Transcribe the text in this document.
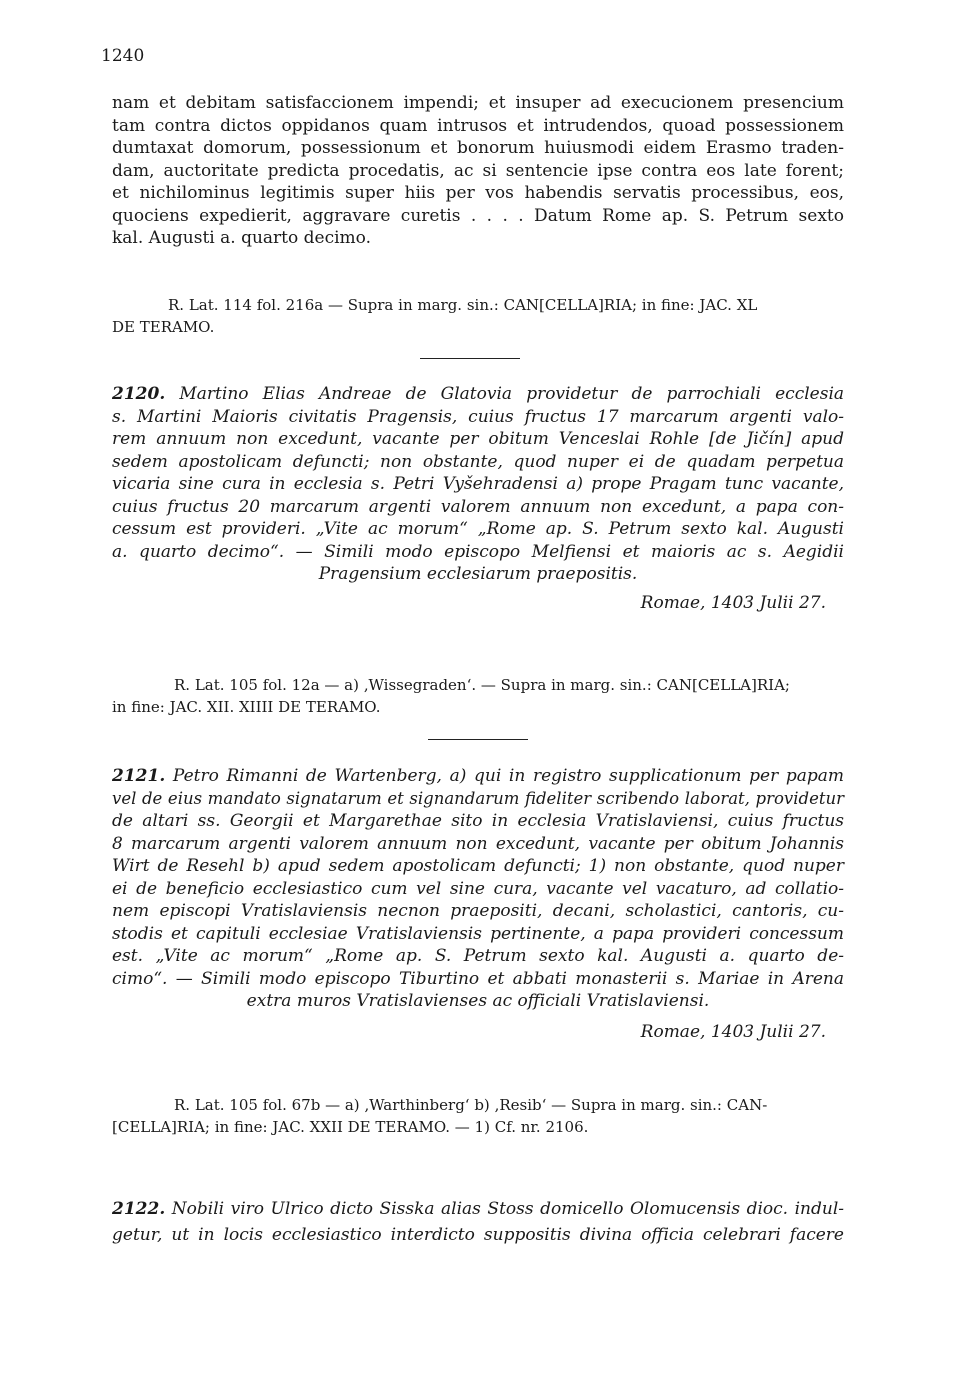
1240
nam et debitam satisfaccionem impendi; et insuper ad execucionem presencium
tam contra dictos oppidanos quam intrusos et intrudendos, quoad possessionem
dumtaxat domorum, possessionum et bonorum huiusmodi eidem Erasmo traden-
dam, auctoritate predicta procedatis, ac si sentencie ipse contra eos late forent;
et nichilominus legitimis super hiis per vos habendis servatis processibus, eos,
quociens expedierit, aggravare curetis . . . . Datum Rome ap. S. Petrum sexto
kal. Augusti a. quarto decimo.
R. Lat. 114 fol. 216a — Supra in marg. sin.: CAN[CELLA]RIA; in fine: JAC. XL
DE TERAMO.
2120. Martino Elias Andreae de Glatovia providetur de parrochiali ecclesia
s. Martini Maioris civitatis Pragensis, cuius fructus 17 marcarum argenti valo-
rem annuum non excedunt, vacante per obitum Venceslai Rohle [de Jičín] apud
sedem apostolicam defuncti; non obstante, quod nuper ei de quadam perpetua
vicaria sine cura in ecclesia s. Petri Vyšehradensi a) prope Pragam tunc vacante,
cuius fructus 20 marcarum argenti valorem annuum non excedunt, a papa con-
cessum est provideri. „Vite ac morum“ „Rome ap. S. Petrum sexto kal. Augusti
a. quarto decimo“. — Simili modo episcopo Melfiensi et maioris ac s. Aegidii
Pragensium ecclesiarum praepositis.
Romae, 1403 Julii 27.
R. Lat. 105 fol. 12a — a) ‚Wissegraden‘. — Supra in marg. sin.: CAN[CELLA]RIA;
in fine: JAC. XII. XIIII DE TERAMO.
2121. Petro Rimanni de Wartenberg, a) qui in registro supplicationum per papam
vel de eius mandato signatarum et signandarum fideliter scribendo laborat, providetur
de altari ss. Georgii et Margarethae sito in ecclesia Vratislaviensi, cuius fructus
8 marcarum argenti valorem annuum non excedunt, vacante per obitum Johannis
Wirt de Resehl b) apud sedem apostolicam defuncti; 1) non obstante, quod nuper
ei de beneficio ecclesiastico cum vel sine cura, vacante vel vacaturo, ad collatio-
nem episcopi Vratislaviensis necnon praepositi, decani, scholastici, cantoris, cu-
stodis et capituli ecclesiae Vratislaviensis pertinente, a papa provideri concessum
est. „Vite ac morum“ „Rome ap. S. Petrum sexto kal. Augusti a. quarto de-
cimo“. — Simili modo episcopo Tiburtino et abbati monasterii s. Mariae in Arena
extra muros Vratislavienses ac officiali Vratislaviensi.
Romae, 1403 Julii 27.
R. Lat. 105 fol. 67b — a) ‚Warthinberg‘ b) ‚Resib‘ — Supra in marg. sin.: CAN-
[CELLA]RIA; in fine: JAC. XXII DE TERAMO. — 1) Cf. nr. 2106.
2122. Nobili viro Ulrico dicto Sisska alias Stoss domicello Olomucensis dioc. indul-
getur, ut in locis ecclesiastico interdicto suppositis divina officia celebrari facere
